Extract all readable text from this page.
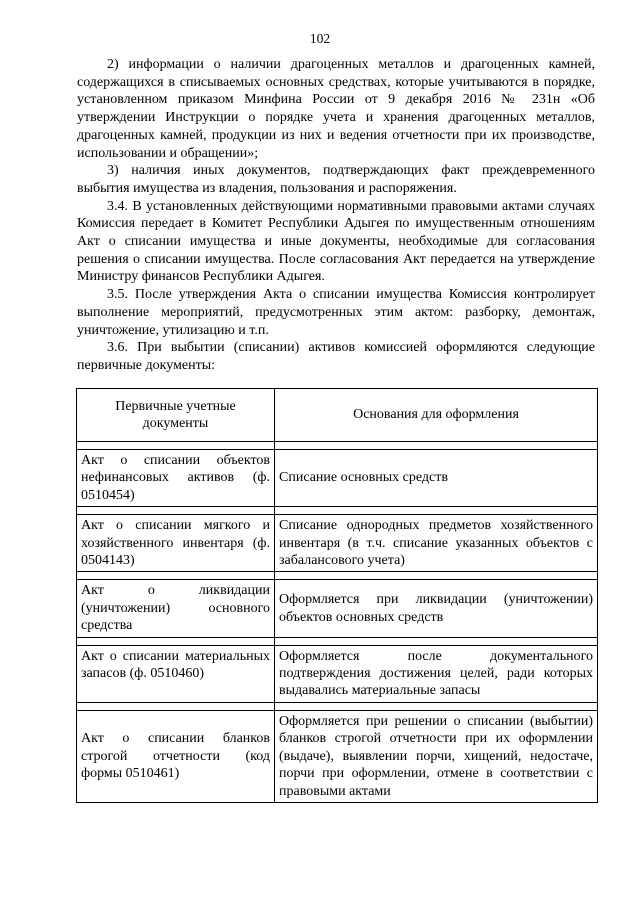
102

2) информации о наличии драгоценных металлов и драгоценных камней, содержащихся в списываемых основных средствах, которые учитываются в порядке, установленном приказом Минфина России от 9 декабря 2016 № 231н «Об утверждении Инструкции о порядке учета и хранения драгоценных металлов, драгоценных камней, продукции из них и ведения отчетности при их производстве, использовании и обращении»;

3) наличия иных документов, подтверждающих факт преждевременного выбытия имущества из владения, пользования и распоряжения.

3.4. В установленных действующими нормативными правовыми актами случаях Комиссия передает в Комитет Республики Адыгея по имущественным отношениям Акт о списании имущества и иные документы, необходимые для согласования решения о списании имущества. После согласования Акт передается на утверждение Министру финансов Республики Адыгея.

3.5. После утверждения Акта о списании имущества Комиссия контролирует выполнение мероприятий, предусмотренных этим актом: разборку, демонтаж, уничтожение, утилизацию и т.п.

3.6. При выбытии (списании) активов комиссией оформляются следующие первичные документы:

Первичные учетные документы	Основания для оформления

Акт о списании объектов нефинансовых активов (ф. 0510454)	Списание основных средств

Акт о списании мягкого и хозяйственного инвентаря (ф. 0504143)	Списание однородных предметов хозяйственного инвентаря (в т.ч. списание указанных объектов с забалансового учета)

Акт о ликвидации (уничтожении) основного средства	Оформляется при ликвидации (уничтожении) объектов основных средств

Акт о списании материальных запасов (ф. 0510460)	Оформляется после документального подтверждения достижения целей, ради которых выдавались материальные запасы

Акт о списании бланков строгой отчетности (код формы 0510461)	Оформляется при решении о списании (выбытии) бланков строгой отчетности при их оформлении (выдаче), выявлении порчи, хищений, недостаче, порчи при оформлении, отмене в соответствии с правовыми актами
